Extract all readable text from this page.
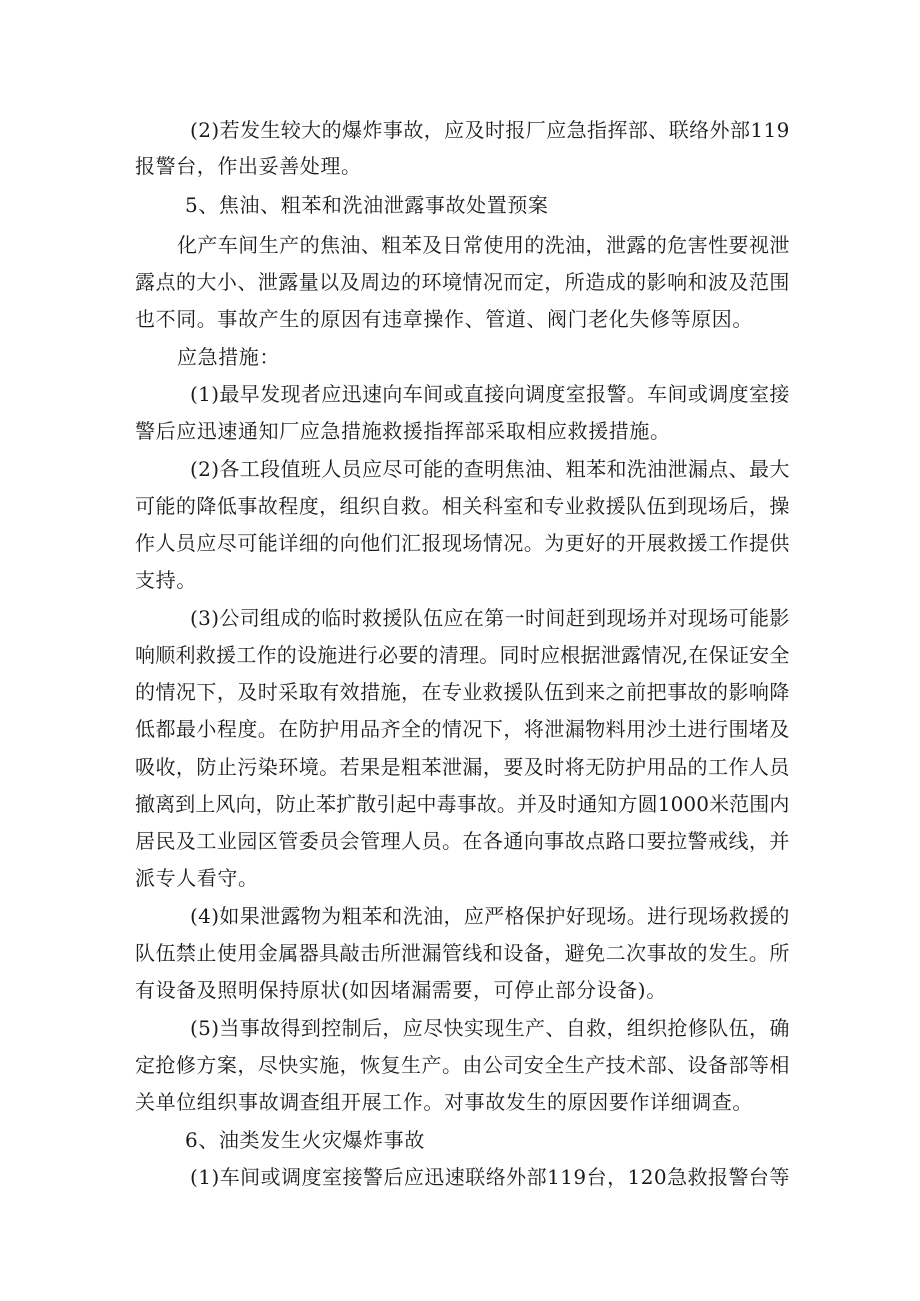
(2)若发生较大的爆炸事故，应及时报厂应急指挥部、联络外部119
报警台，作出妥善处理。
5、焦油、粗苯和洗油泄露事故处置预案
化产车间生产的焦油、粗苯及日常使用的洗油，泄露的危害性要视泄
露点的大小、泄露量以及周边的环境情况而定，所造成的影响和波及范围
也不同。事故产生的原因有违章操作、管道、阀门老化失修等原因。
应急措施：
(1)最早发现者应迅速向车间或直接向调度室报警。车间或调度室接
警后应迅速通知厂应急措施救援指挥部采取相应救援措施。
(2)各工段值班人员应尽可能的查明焦油、粗苯和洗油泄漏点、最大
可能的降低事故程度，组织自救。相关科室和专业救援队伍到现场后，操
作人员应尽可能详细的向他们汇报现场情况。为更好的开展救援工作提供
支持。
(3)公司组成的临时救援队伍应在第一时间赶到现场并对现场可能影
响顺利救援工作的设施进行必要的清理。同时应根据泄露情况,在保证安全
的情况下，及时采取有效措施，在专业救援队伍到来之前把事故的影响降
低都最小程度。在防护用品齐全的情况下，将泄漏物料用沙土进行围堵及
吸收，防止污染环境。若果是粗苯泄漏，要及时将无防护用品的工作人员
撤离到上风向，防止苯扩散引起中毒事故。并及时通知方圆1000米范围内
居民及工业园区管委员会管理人员。在各通向事故点路口要拉警戒线，并
派专人看守。
(4)如果泄露物为粗苯和洗油，应严格保护好现场。进行现场救援的
队伍禁止使用金属器具敲击所泄漏管线和设备，避免二次事故的发生。所
有设备及照明保持原状(如因堵漏需要，可停止部分设备)。
(5)当事故得到控制后，应尽快实现生产、自救，组织抢修队伍，确
定抢修方案，尽快实施，恢复生产。由公司安全生产技术部、设备部等相
关单位组织事故调查组开展工作。对事故发生的原因要作详细调查。
6、油类发生火灾爆炸事故
(1)车间或调度室接警后应迅速联络外部119台，120急救报警台等
